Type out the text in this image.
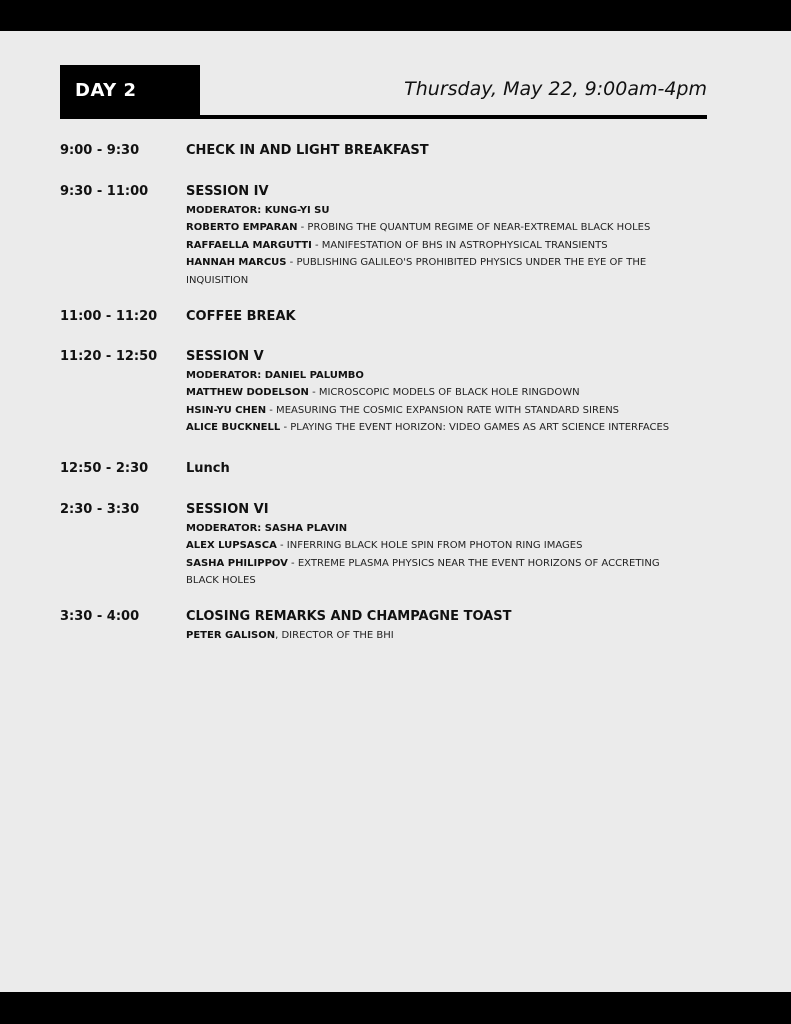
DAY 2	Thursday, May 22, 9:00am-4pm
9:00 - 9:30	CHECK IN AND LIGHT BREAKFAST
9:30 - 11:00	SESSION IV
MODERATOR: KUNG-YI SU
ROBERTO EMPARAN - PROBING THE QUANTUM REGIME OF NEAR-EXTREMAL BLACK HOLES
RAFFAELLA MARGUTTI - MANIFESTATION OF BHS IN ASTROPHYSICAL TRANSIENTS
HANNAH MARCUS - PUBLISHING GALILEO'S PROHIBITED PHYSICS UNDER THE EYE OF THE
INQUISITION
11:00 - 11:20	COFFEE BREAK
11:20 - 12:50	SESSION V
MODERATOR: DANIEL PALUMBO
MATTHEW DODELSON - MICROSCOPIC MODELS OF BLACK HOLE RINGDOWN
HSIN-YU CHEN - MEASURING THE COSMIC EXPANSION RATE WITH STANDARD SIRENS
ALICE BUCKNELL - PLAYING THE EVENT HORIZON: VIDEO GAMES AS ART SCIENCE INTERFACES
12:50 - 2:30	Lunch
2:30 - 3:30	SESSION VI
MODERATOR: SASHA PLAVIN
ALEX LUPSASCA - INFERRING BLACK HOLE SPIN FROM PHOTON RING IMAGES
SASHA PHILIPPOV - EXTREME PLASMA PHYSICS NEAR THE EVENT HORIZONS OF ACCRETING
BLACK HOLES
3:30 - 4:00	CLOSING REMARKS AND CHAMPAGNE TOAST
PETER GALISON, DIRECTOR OF THE BHI
